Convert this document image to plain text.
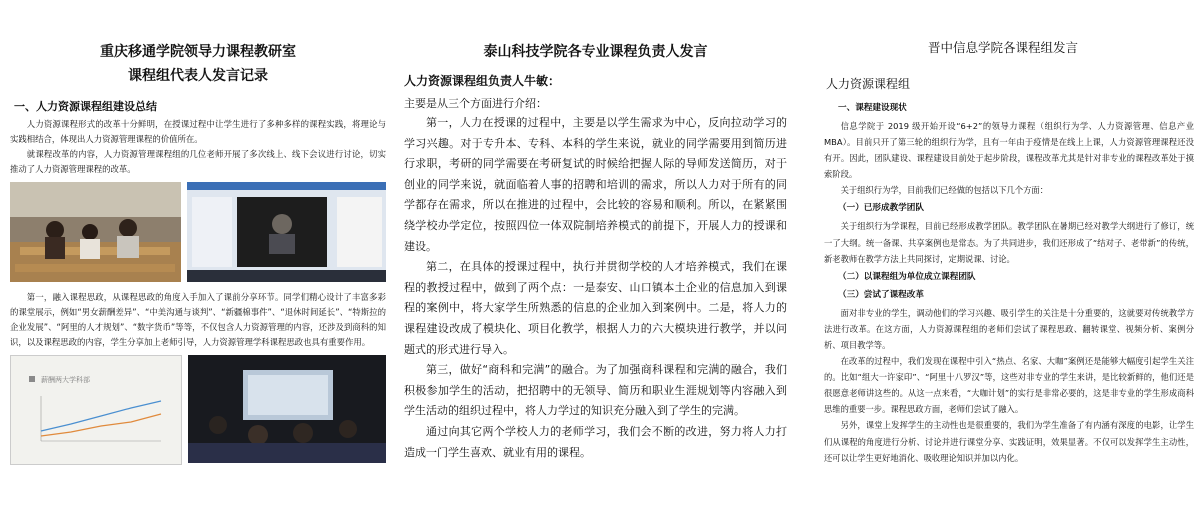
重庆移通学院领导力课程教研室
课程组代表人发言记录
一、人力资源课程组建设总结
人力资源课程形式的改革十分鲜明，在授课过程中让学生进行了多种多样的课程实践，将理论与实践相结合，体现出人力资源管理课程的价值所在。
就课程改革的内容，人力资源管理课程组的几位老师开展了多次线上、线下会议进行讨论，切实推动了人力资源管理课程的改革。
第一，融入课程思政，从课程思政的角度入手加入了课前分享环节。同学们精心设计了丰富多彩的课堂展示，例如“男女薪酬差异”、“中美沟通与谈判”、“新疆棉事件”、“退休时间延长”、“特斯拉的企业发展”、“阿里的人才规划”、“数字货币”等等，不仅包含人力资源管理的内容，还涉及到商科的知识，以及课程思政的内容，学生分享加上老师引导，人力资源管理学科课程思政也具有重要作用。
薪酬两大学科部
泰山科技学院各专业课程负责人发言
人力资源课程组负责人牛敏：
主要是从三个方面进行介绍：
第一，人力在授课的过程中，主要是以学生需求为中心，反向拉动学习的学习兴趣。对于专升本、专科、本科的学生来说，就业的同学需要用到简历进行求职，考研的同学需要在考研复试的时候给把握人际的导师发送简历，对于创业的同学来说，就面临着人事的招聘和培训的需求，所以人力对于所有的同学都存在需求，所以在推进的过程中，会比较的容易和顺利。所以，在紧紧围绕学校办学定位，按照四位一体双院制培养模式的前提下，开展人力的授课和建设。
第二，在具体的授课过程中，执行并贯彻学校的人才培养模式，我们在课程的教授过程中，做到了两个点：一是泰安、山口镇本土企业的信息加入到课程的案例中，将大家学生所熟悉的信息的企业加入到案例中。二是，将人力的课程建设改成了模块化、项目化教学，根据人力的六大模块进行教学，并以问题式的形式进行导入。
第三，做好“商科和完满”的融合。为了加强商科课程和完满的融合，我们积极参加学生的活动，把招聘中的无领导、简历和职业生涯规划等内容融入到学生活动的组织过程中，将人力学过的知识充分融入到了学生的完满。
通过向其它两个学校人力的老师学习，我们会不断的改进，努力将人力打造成一门学生喜欢、就业有用的课程。
晋中信息学院各课程组发言
人力资源课程组
一、课程建设现状
信息学院于 2019 级开始开设“6+2”的领导力课程（组织行为学、人力资源管理、信息产业 MBA）。目前只开了第三轮的组织行为学，且有一年由于疫情是在线上上课，人力资源管理课程还没有开。因此，团队建设、课程建设目前处于起步阶段，课程改革尤其是针对非专业的课程改革处于摸索阶段。
关于组织行为学，目前我们已经做的包括以下几个方面：
（一）已形成教学团队
关于组织行为学课程，目前已经形成教学团队。教学团队在暑期已经对教学大纲进行了修订，统一了大纲。统一备课、共享案例也是常态。为了共同进步，我们还形成了“结对子、老带新”的传统，新老教师在教学方法上共同探讨，定期说课、讨论。
（二）以课程组为单位成立课程团队
（三）尝试了课程改革
面对非专业的学生，调动他们的学习兴趣、吸引学生的关注是十分重要的，这就要对传统教学方法进行改革。在这方面，人力资源课程组的老师们尝试了课程思政、翻转课堂、视频分析、案例分析、项目教学等。
在改革的过程中，我们发现在课程中引入“热点、名家、大咖”案例还是能够大幅度引起学生关注的。比如“组大一许家印”、“阿里十八罗汉”等，这些对非专业的学生来讲，是比较新鲜的，他们还是很愿意老师讲这些的。从这一点来看，“大咖计划”的实行是非常必要的，这是非专业的学生形成商科思维的重要一步。课程思政方面，老师们尝试了融入。
另外，课堂上发挥学生的主动性也是很重要的，我们为学生准备了有内涵有深度的电影，让学生们从课程的角度进行分析、讨论并进行课堂分享、实践证明，效果显著。不仅可以发挥学生主动性，还可以让学生更好地消化、吸收理论知识并加以内化。
